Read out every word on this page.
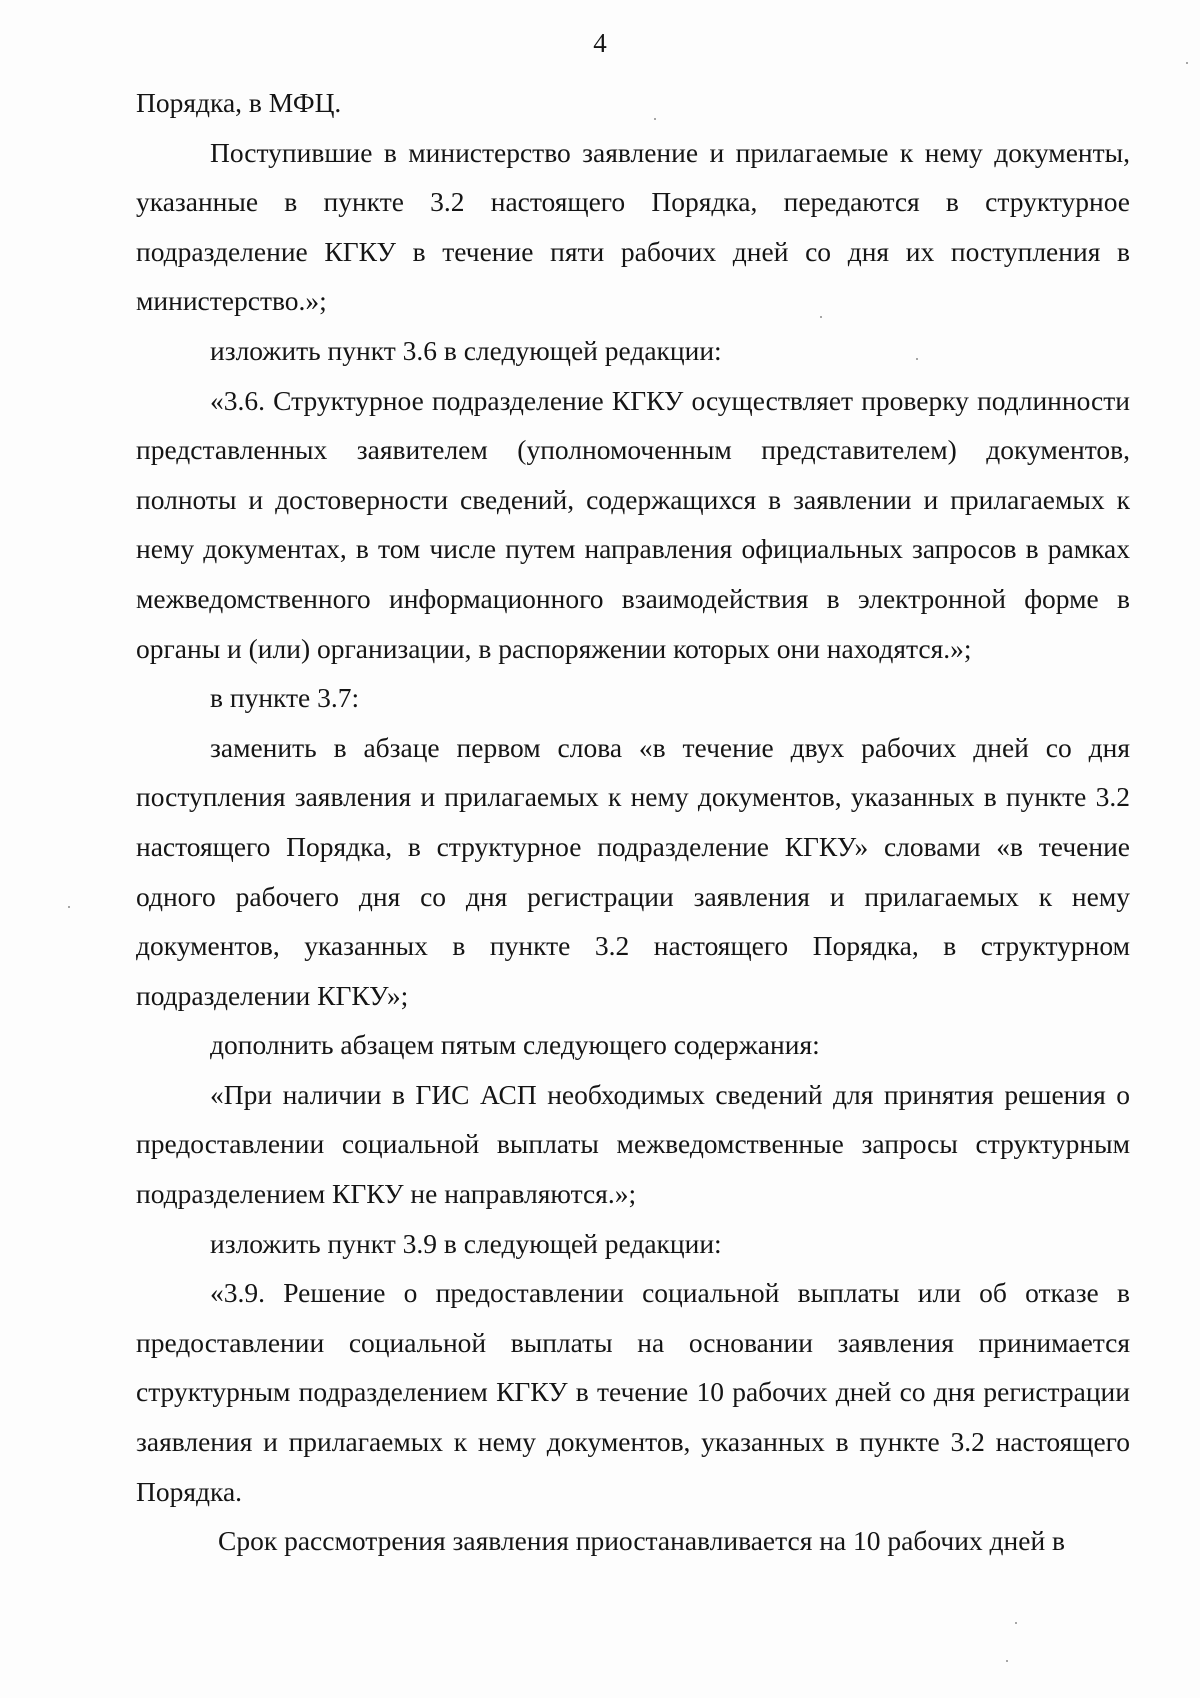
4

Порядка, в МФЦ.

Поступившие в министерство заявление и прилагаемые к нему документы, указанные в пункте 3.2 настоящего Порядка, передаются в структурное подразделение КГКУ в течение пяти рабочих дней со дня их поступления в министерство.»;

изложить пункт 3.6 в следующей редакции:

«3.6. Структурное подразделение КГКУ осуществляет проверку подлинности представленных заявителем (уполномоченным представителем) документов, полноты и достоверности сведений, содержащихся в заявлении и прилагаемых к нему документах, в том числе путем направления официальных запросов в рамках межведомственного информационного взаимодействия в электронной форме в органы и (или) организации, в распоряжении которых они находятся.»;

в пункте 3.7:

заменить в абзаце первом слова «в течение двух рабочих дней со дня поступления заявления и прилагаемых к нему документов, указанных в пункте 3.2 настоящего Порядка, в структурное подразделение КГКУ» словами «в течение одного рабочего дня со дня регистрации заявления и прилагаемых к нему документов, указанных в пункте 3.2 настоящего Порядка, в структурном подразделении КГКУ»;

дополнить абзацем пятым следующего содержания:

«При наличии в ГИС АСП необходимых сведений для принятия решения о предоставлении социальной выплаты межведомственные запросы структурным подразделением КГКУ не направляются.»;

изложить пункт 3.9 в следующей редакции:

«3.9. Решение о предоставлении социальной выплаты или об отказе в предоставлении социальной выплаты на основании заявления принимается структурным подразделением КГКУ в течение 10 рабочих дней со дня регистрации заявления и прилагаемых к нему документов, указанных в пункте 3.2 настоящего Порядка.

Срок рассмотрения заявления приостанавливается на 10 рабочих дней в
